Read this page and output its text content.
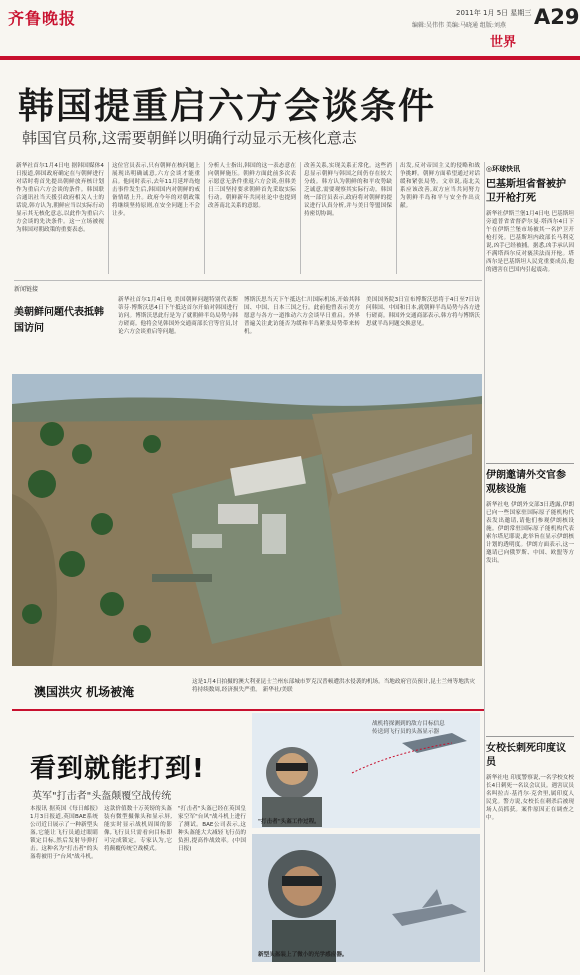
齐鲁晚报	2011年 1月 5日 星期三
编辑:吴伟伟 美编:马晓通 组版:刘燕 A29
世界
韩国提重启六方会谈条件
韩国官员称,这需要朝鲜以明确行动显示无核化意志
新华社首尔1月4日电 据韩国媒体4日报道,韩国政府确定在与朝鲜进行对话时将首先提出朝鲜放弃核计划作为重启六方会谈的条件。韩国联合通讯社当天援引政府相关人士的话说,韩方认为,朝鲜应当以实际行动显示其无核化意志,以此作为重启六方会谈的先决条件。这一立场被视为韩国对朝政策的重要表态。
这位官员表示,只有朝鲜在核问题上展现出明确诚意,六方会谈才能重启。他同时表示,去年11月延坪岛炮击事件发生后,韩国国内对朝鲜的戒备情绪上升。政府今年的对朝政策将继续坚持原则,在安全问题上不会让步。
分析人士指出,韩国的这一表态意在向朝鲜施压。朝鲜方面此前多次表示愿意无条件重返六方会谈,但韩美日三国坚持要求朝鲜首先采取实际行动。朝鲜新年共同社论中也提到改善南北关系的意愿。
改善关系,实现关系正常化。这些消息显示朝鲜与韩国之间仍存在较大分歧。韩方认为朝鲜的和平攻势缺乏诚意,需要观察其实际行动。韩国统一部官员表示,政府将对朝鲜的提议进行认真分析,并与美日等盟国保持密切协调。
出发,反对帝国主义的侵略和战争挑衅。朝鲜方面希望通过对话缓和紧张局势。文章说,南北关系应该改善,双方应当共同努力为朝鲜半岛和平与安全作出贡献。
新闻链接
美朝鲜问题代表抵韩国访问
新华社首尔1月4日电 美国朝鲜问题特别代表斯蒂芬·博斯沃思4日下午抵达首尔开始对韩国进行访问。博斯沃思此行是为了就朝鲜半岛局势与韩方磋商。他将会见韩国外交通商部长官等官员,讨论六方会谈重启等问题。
博斯沃思当天下午抵达仁川国际机场,开始其韩国、中国、日本三国之行。此前他曾表示美方愿意与各方一道推动六方会谈早日重启。外界普遍关注此访能否为缓和半岛紧张局势带来转机。
美国国务院3日宣布博斯沃思将于4日至7日访问韩国、中国和日本,就朝鲜半岛局势与各方进行磋商。韩国外交通商部表示,韩方将与博斯沃思就半岛问题交换意见。
澳国洪灾 机场被淹
这是1月4日拍摄的澳大利亚昆士兰州东部城市罗克汉普顿遭洪水侵袭的机场。当地政府官员预计,昆士兰州等地洪灾将持续数周,经济损失严重。 新华社/美联
看到就能打到!
英军"打击者"头盔颠覆空战传统
本报讯 据英国《每日邮报》1月3日报道,英国BAE系统公司近日展示了一种新型头盔,它能让飞行员通过眼睛锁定目标,然后发射导弹打击。这种名为"打击者"的头盔将被用于"台风"战斗机。
这款价值数十万英镑的头盔装有微型摄像头和显示屏,能实时显示战机周围的影像,飞行员只需看向目标即可完成锁定。专家认为,它将颠覆传统空战模式。
"打击者"头盔已经在英国皇家空军"台风"战斗机上进行了测试。BAE公司表示,这种头盔能大大减轻飞行员的负担,提高作战效率。(中国日报)
战机将探测到的敌方目标信息
传送到飞行员的头盔显示器
"打击者"头盔工作过程。
新型头盔装上了微小的光学感应器。
◎环球快讯
巴基斯坦省督被护卫开枪打死
新华社伊斯兰堡1月4日电 巴基斯坦旁遮普省省督萨尔曼·塔西尔4日下午在伊斯兰堡市场被其一名护卫开枪打死。巴基斯坦内政部长马利克说,凶手已经被捕。据悉,凶手承认因不满塔西尔反对亵渎法而开枪。塔西尔是巴基斯坦人民党重要成员,他的遇害在巴国内引起震动。
伊朗邀请外交官参观核设施
新华社电 伊朗外交部3日透露,伊朗已向一些国家驻国际原子能机构代表发出邀请,请他们参观伊朗核设施。伊朗常驻国际原子能机构代表索尔塔尼耶说,此举旨在显示伊朗核计划的透明度。伊朗方面表示,这一邀请已向俄罗斯、中国、欧盟等方发出。
女校长刺死印度议员
新华社电 印度警察说,一名学校女校长4日刺死一名议会议员。遇害议员名叫拉吉·基肖尔·克舍里,属印度人民党。警方说,女校长在刺杀后被现场人员抓获。案件原因正在调查之中。
